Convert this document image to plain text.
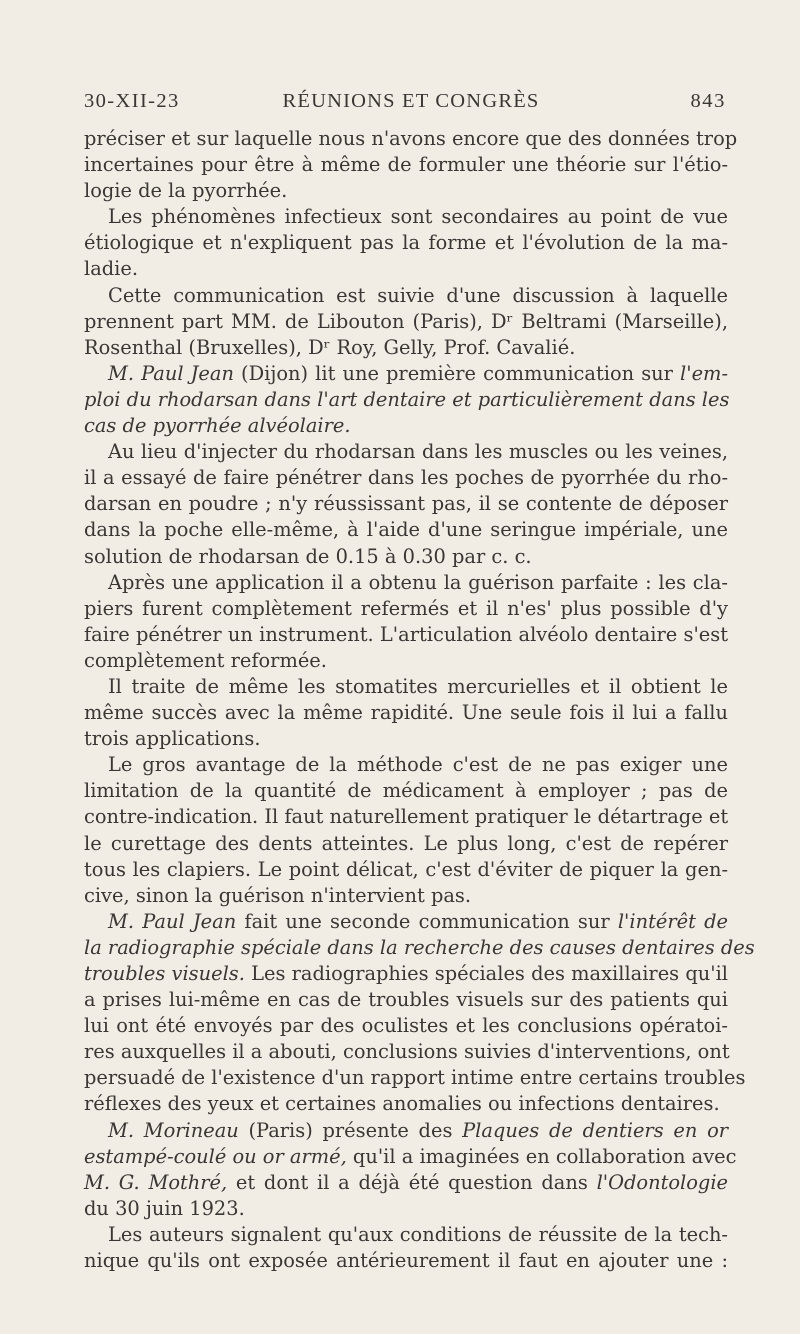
30-XII-23	RÉUNIONS ET CONGRÈS	843
préciser et sur laquelle nous n'avons encore que des données trop
incertaines pour être à même de formuler une théorie sur l'étio-
logie de la pyorrhée.
Les phénomènes infectieux sont secondaires au point de vue
étiologique et n'expliquent pas la forme et l'évolution de la ma-
ladie.
Cette communication est suivie d'une discussion à laquelle
prennent part MM. de Libouton (Paris), Dʳ Beltrami (Marseille),
Rosenthal (Bruxelles), Dʳ Roy, Gelly, Prof. Cavalié.
M. Paul Jean (Dijon) lit une première communication sur l'em-
ploi du rhodarsan dans l'art dentaire et particulièrement dans les
cas de pyorrhée alvéolaire.
Au lieu d'injecter du rhodarsan dans les muscles ou les veines,
il a essayé de faire pénétrer dans les poches de pyorrhée du rho-
darsan en poudre ; n'y réussissant pas, il se contente de déposer
dans la poche elle-même, à l'aide d'une seringue impériale, une
solution de rhodarsan de 0.15 à 0.30 par c. c.
Après une application il a obtenu la guérison parfaite : les cla-
piers furent complètement refermés et il n'es' plus possible d'y
faire pénétrer un instrument. L'articulation alvéolo dentaire s'est
complètement reformée.
Il traite de même les stomatites mercurielles et il obtient le
même succès avec la même rapidité. Une seule fois il lui a fallu
trois applications.
Le gros avantage de la méthode c'est de ne pas exiger une
limitation de la quantité de médicament à employer ; pas de
contre-indication. Il faut naturellement pratiquer le détartrage et
le curettage des dents atteintes. Le plus long, c'est de repérer
tous les clapiers. Le point délicat, c'est d'éviter de piquer la gen-
cive, sinon la guérison n'intervient pas.
M. Paul Jean fait une seconde communication sur l'intérêt de
la radiographie spéciale dans la recherche des causes dentaires des
troubles visuels. Les radiographies spéciales des maxillaires qu'il
a prises lui-même en cas de troubles visuels sur des patients qui
lui ont été envoyés par des oculistes et les conclusions opératoi-
res auxquelles il a abouti, conclusions suivies d'interventions, ont
persuadé de l'existence d'un rapport intime entre certains troubles
réflexes des yeux et certaines anomalies ou infections dentaires.
M. Morineau (Paris) présente des Plaques de dentiers en or
estampé-coulé ou or armé, qu'il a imaginées en collaboration avec
M. G. Mothré, et dont il a déjà été question dans l'Odontologie
du 30 juin 1923.
Les auteurs signalent qu'aux conditions de réussite de la tech-
nique qu'ils ont exposée antérieurement il faut en ajouter une :
